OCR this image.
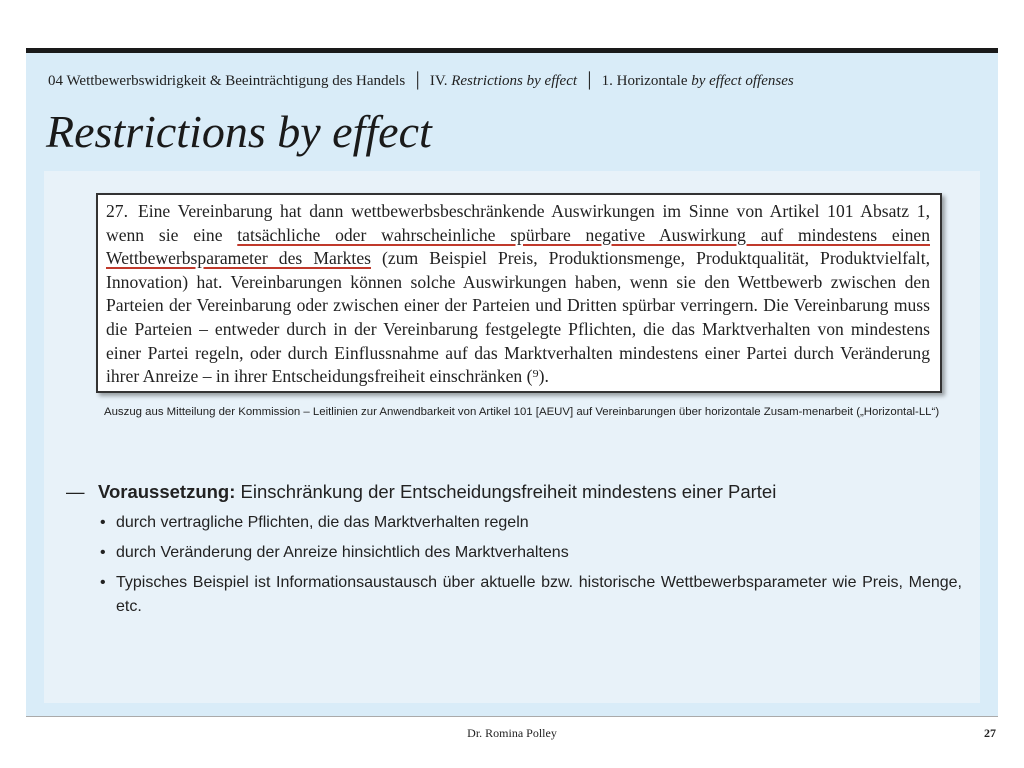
04 Wettbewerbswidrigkeit & Beeinträchtigung des Handels │ IV. Restrictions by effect │ 1. Horizontale by effect offenses
Restrictions by effect
27. Eine Vereinbarung hat dann wettbewerbsbeschränkende Auswirkungen im Sinne von Artikel 101 Absatz 1, wenn sie eine tatsächliche oder wahrscheinliche spürbare negative Auswirkung auf mindestens einen Wettbewerbsparameter des Marktes (zum Beispiel Preis, Produktionsmenge, Produktqualität, Produktvielfalt, Innovation) hat. Vereinbarungen können solche Auswirkungen haben, wenn sie den Wettbewerb zwischen den Parteien der Vereinbarung oder zwischen einer der Parteien und Dritten spürbar verringern. Die Vereinbarung muss die Parteien – entweder durch in der Vereinbarung festgelegte Pflichten, die das Marktverhalten von mindestens einer Partei regeln, oder durch Einflussnahme auf das Marktverhalten mindestens einer Partei durch Veränderung ihrer Anreize – in ihrer Entscheidungsfreiheit einschränken (⁹).
Auszug aus Mitteilung der Kommission – Leitlinien zur Anwendbarkeit von Artikel 101 [AEUV] auf Vereinbarungen über horizontale Zusam-menarbeit („Horizontal-LL“)
— Voraussetzung: Einschränkung der Entscheidungsfreiheit mindestens einer Partei
• durch vertragliche Pflichten, die das Marktverhalten regeln
• durch Veränderung der Anreize hinsichtlich des Marktverhaltens
• Typisches Beispiel ist Informationsaustausch über aktuelle bzw. historische Wettbewerbsparameter wie Preis, Menge, etc.
Dr. Romina Polley	27
